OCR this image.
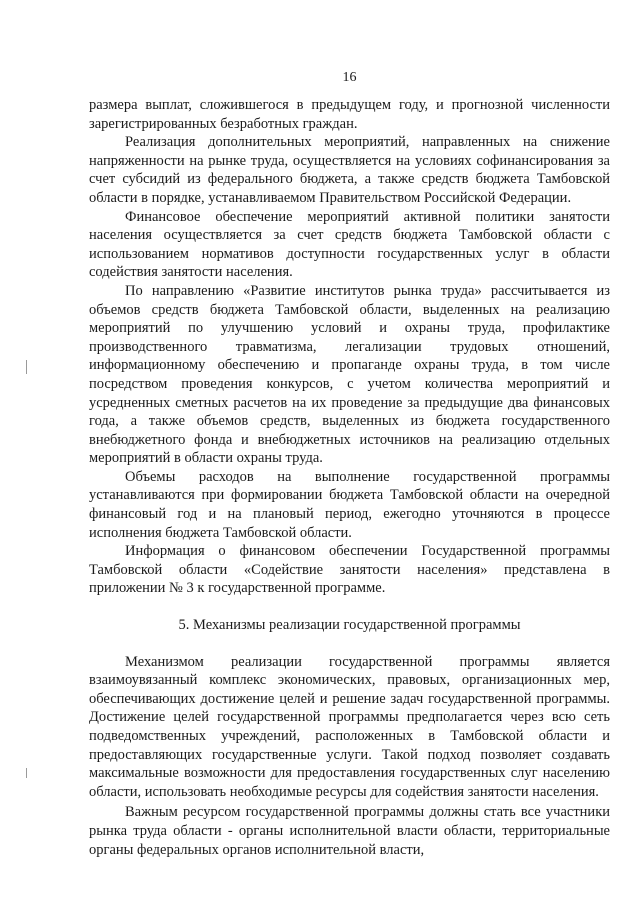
16

размера выплат, сложившегося в предыдущем году, и прогнозной численности зарегистрированных безработных граждан.

Реализация дополнительных мероприятий, направленных на снижение напряженности на рынке труда, осуществляется на условиях софинансирования за счет субсидий из федерального бюджета, а также средств бюджета Тамбовской области в порядке, устанавливаемом Правительством Российской Федерации.

Финансовое обеспечение мероприятий активной политики занятости населения осуществляется за счет средств бюджета Тамбовской области с использованием нормативов доступности государственных услуг в области содействия занятости населения.

По направлению «Развитие институтов рынка труда» рассчитывается из объемов средств бюджета Тамбовской области, выделенных на реализацию мероприятий по улучшению условий и охраны труда, профилактике производственного травматизма, легализации трудовых отношений, информационному обеспечению и пропаганде охраны труда, в том числе посредством проведения конкурсов, с учетом количества мероприятий и усредненных сметных расчетов на их проведение за предыдущие два финансовых года, а также объемов средств, выделенных из бюджета государственного внебюджетного фонда и внебюджетных источников на реализацию отдельных мероприятий в области охраны труда.

Объемы расходов на выполнение государственной программы устанавливаются при формировании бюджета Тамбовской области на очередной финансовый год и на плановый период, ежегодно уточняются в процессе исполнения бюджета Тамбовской области.

Информация о финансовом обеспечении Государственной программы Тамбовской области «Содействие занятости населения» представлена в приложении № 3 к государственной программе.

5. Механизмы реализации государственной программы

Механизмом реализации государственной программы является взаимоувязанный комплекс экономических, правовых, организационных мер, обеспечивающих достижение целей и решение задач государственной программы. Достижение целей государственной программы предполагается через всю сеть подведомственных учреждений, расположенных в Тамбовской области и предоставляющих государственные услуги. Такой подход позволяет создавать максимальные возможности для предоставления государственных слуг населению области, использовать необходимые ресурсы для содействия занятости населения.

Важным ресурсом государственной программы должны стать все участники рынка труда области - органы исполнительной власти области, территориальные органы федеральных органов исполнительной власти,
